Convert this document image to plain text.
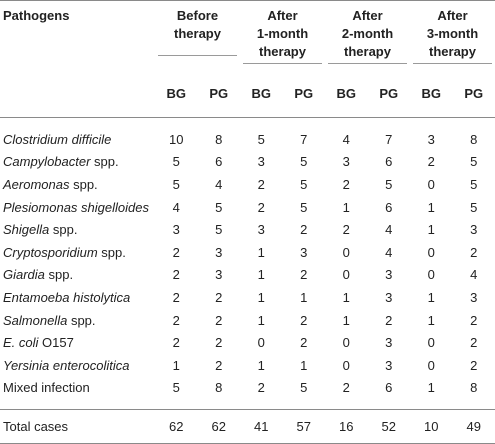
Pathogens	Before
therapy		After
1-month
therapy		After
2-month
therapy		After
3-month
therapy	

	BG	PG	BG	PG	BG	PG	BG	PG
Clostridium difficile	10	8	5	7	4	7	3	8
Campylobacter spp.	5	6	3	5	3	6	2	5
Aeromonas spp.	5	4	2	5	2	5	0	5
Plesiomonas shigelloides	4	5	2	5	1	6	1	5
Shigella spp.	3	5	3	2	2	4	1	3
Cryptosporidium spp.	2	3	1	3	0	4	0	2
Giardia spp.	2	3	1	2	0	3	0	4
Entamoeba histolytica	2	2	1	1	1	3	1	3
Salmonella spp.	2	2	1	2	1	2	1	2
E. coli O157	2	2	0	2	0	3	0	2
Yersinia enterocolitica	1	2	1	1	0	3	0	2
Mixed infection	5	8	2	5	2	6	1	8

Total cases	62	62	41	57	16	52	10	49
